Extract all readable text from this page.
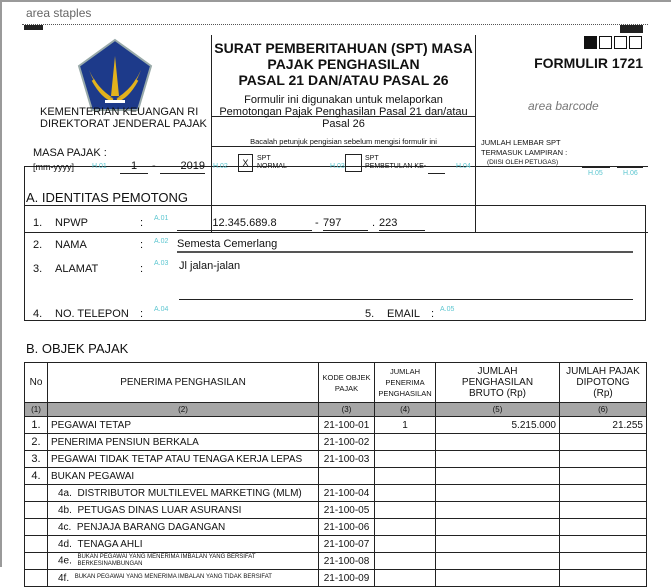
area staples
KEMENTERIAN KEUANGAN RI
DIREKTORAT JENDERAL PAJAK
SURAT PEMBERITAHUAN (SPT) MASA
PAJAK PENGHASILAN
PASAL 21 DAN/ATAU PASAL 26
Formulir ini digunakan untuk melaporkan
Pemotongan Pajak Penghasilan Pasal 21 dan/atau
Pasal 26
FORMULIR 1721
area barcode
MASA PAJAK :
[mm-yyyy]	H.01	1	-	2019
Bacalah petunjuk pengisian sebelum mengisi formulir ini
H.02	X	SPT
NORMAL	H.03
SPT
PEMBETULAN KE-	H.04
JUMLAH LEMBAR SPT
TERMASUK LAMPIRAN :
(DIISI OLEH PETUGAS)
H.05	H.06
A. IDENTITAS PEMOTONG
1. NPWP	: A.01	12.345.689.8	- 797	. 223
2. NAMA	: A.02 Semesta Cemerlang
3. ALAMAT	: A.03 Jl jalan-jalan
4. NO. TELEPON : A.04	5. EMAIL : A.05
B. OBJEK PAJAK
No	PENERIMA PENGHASILAN	KODE OBJEK PAJAK	JUMLAH PENERIMA PENGHASILAN	JUMLAH PENGHASILAN BRUTO (Rp)	JUMLAH PAJAK DIPOTONG (Rp)
(1)	(2)	(3)	(4)	(5)	(6)
1.	PEGAWAI TETAP	21-100-01	1	5.215.000	21.255
2.	PENERIMA PENSIUN BERKALA	21-100-02			
3.	PEGAWAI TIDAK TETAP ATAU TENAGA KERJA LEPAS	21-100-03			
4.	BUKAN PEGAWAI				
	4a. DISTRIBUTOR MULTILEVEL MARKETING (MLM)	21-100-04			
	4b. PETUGAS DINAS LUAR ASURANSI	21-100-05			
	4c. PENJAJA BARANG DAGANGAN	21-100-06			
	4d. TENAGA AHLI	21-100-07			
	4e. BUKAN PEGAWAI YANG MENERIMA IMBALAN YANG BERSIFAT BERKESINAMBUNGAN	21-100-08			
	4f. BUKAN PEGAWAI YANG MENERIMA IMBALAN YANG TIDAK BERSIFAT	21-100-09			
